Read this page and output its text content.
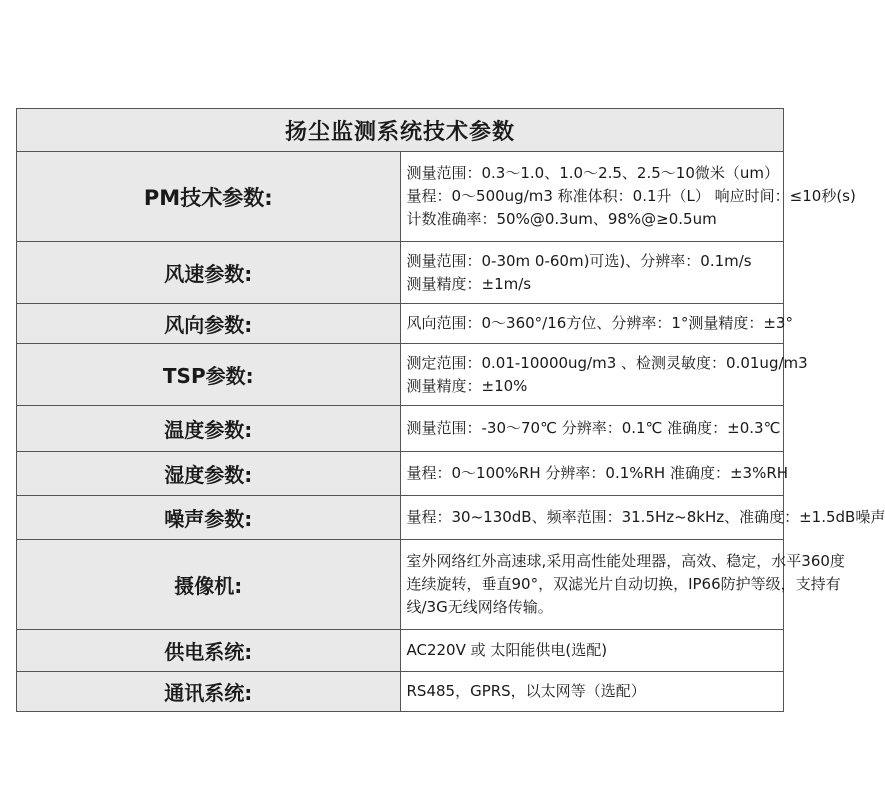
扬尘监测系统技术参数	
PM技术参数:	测量范围：0.3～1.0、1.0～2.5、2.5～10微米（um）
量程：0～500ug/m3 称准体积：0.1升（L） 响应时间：≤10秒(s)
计数准确率：50%@0.3um、98%@≥0.5um

风速参数:	测量范围：0-30m 0-60m)可选)、分辨率：0.1m/s
测量精度：±1m/s

风向参数:	风向范围：0～360°/16方位、分辨率：1°测量精度：±3°

TSP参数:	测定范围：0.01-10000ug/m3 、检测灵敏度：0.01ug/m3
测量精度：±10%

温度参数:	测量范围：-30～70℃ 分辨率：0.1℃ 准确度：±0.3℃

湿度参数:	量程：0～100%RH 分辨率：0.1%RH 准确度：±3%RH

噪声参数:	量程：30~130dB、频率范围：31.5Hz~8kHz、准确度：±1.5dB噪声

摄像机:	室外网络红外高速球,采用高性能处理器，高效、稳定，水平360度
连续旋转，垂直90°，双滤光片自动切换，IP66防护等级，支持有
线/3G无线网络传输。

供电系统:	AC220V 或 太阳能供电(选配)

通讯系统:	RS485，GPRS，以太网等（选配）
